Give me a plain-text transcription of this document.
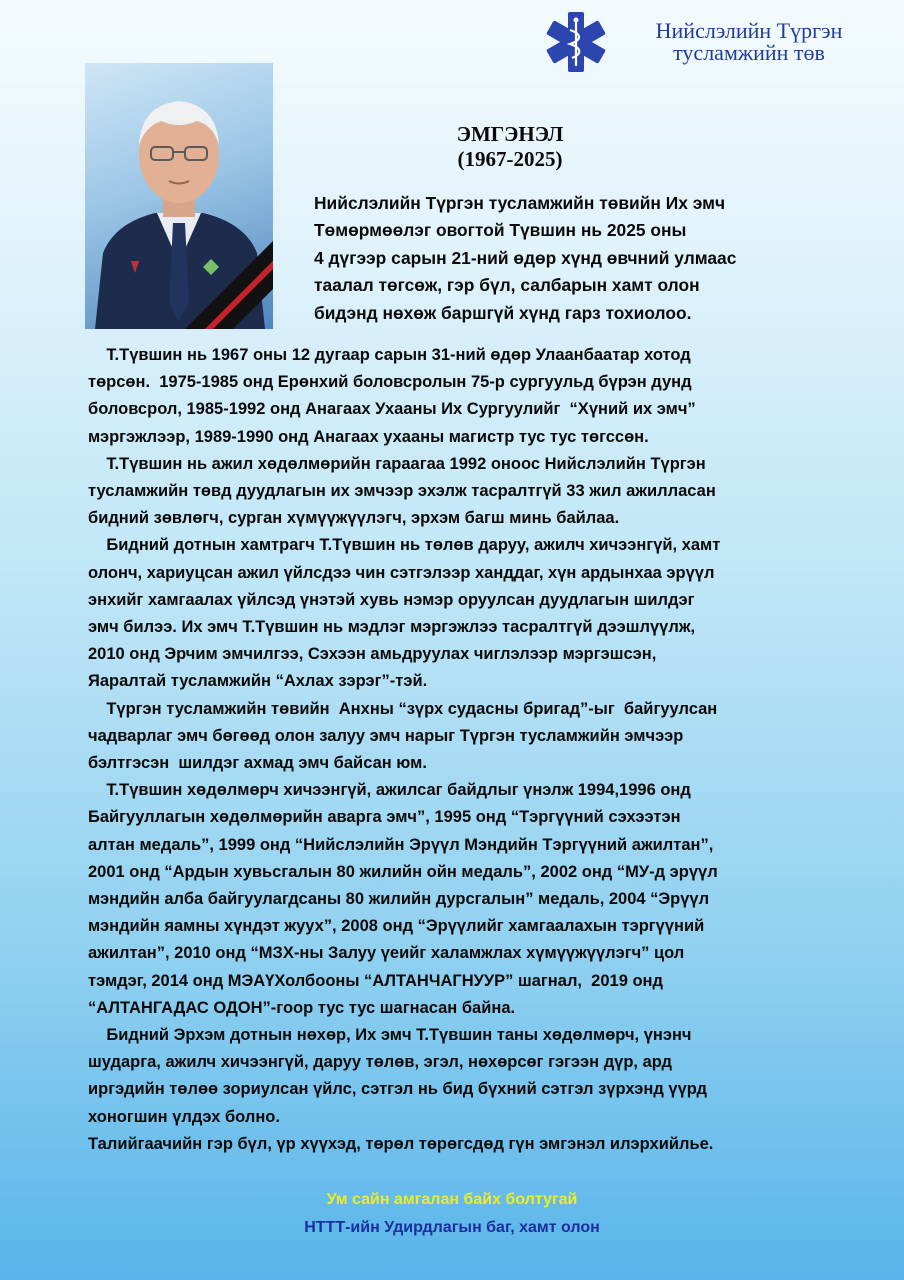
Нийслэлийн Түргэн
тусламжийн төв
ЭМГЭНЭЛ
(1967-2025)
Нийслэлийн Түргэн тусламжийн төвийн Их эмч
Төмөрмөөлэг овогтой Түвшин нь 2025 оны
4 дүгээр сарын 21-ний өдөр хүнд өвчний улмаас
таалал төгсөж, гэр бүл, салбарын хамт олон
бидэнд нөхөж баршгүй хүнд гарз тохиолоо.
Т.Түвшин нь 1967 оны 12 дугаар сарын 31-ний өдөр Улаанбаатар хотод
төрсөн.  1975-1985 онд Ерөнхий боловсролын 75-р сургуульд бүрэн дунд
боловсрол, 1985-1992 онд Анагаах Ухааны Их Сургуулийг  “Хүний их эмч”
мэргэжлээр, 1989-1990 онд Анагаах ухааны магистр тус тус төгссөн.
Т.Түвшин нь ажил хөдөлмөрийн гараагаа 1992 оноос Нийслэлийн Түргэн
тусламжийн төвд дуудлагын их эмчээр эхэлж тасралтгүй 33 жил ажилласан
бидний зөвлөгч, сурган хүмүүжүүлэгч, эрхэм багш минь байлаа.
Бидний дотнын хамтрагч Т.Түвшин нь төлөв даруу, ажилч хичээнгүй, хамт
олонч, хариуцсан ажил үйлсдээ чин сэтгэлээр ханддаг, хүн ардынхаа эрүүл
энхийг хамгаалах үйлсэд үнэтэй хувь нэмэр оруулсан дуудлагын шилдэг
эмч билээ. Их эмч Т.Түвшин нь мэдлэг мэргэжлээ тасралтгүй дээшлүүлж,
2010 онд Эрчим эмчилгээ, Сэхээн амьдруулах чиглэлээр мэргэшсэн,
Яаралтай тусламжийн “Ахлах зэрэг”-тэй.
Түргэн тусламжийн төвийн  Анхны “зүрх судасны бригад”-ыг  байгуулсан
чадварлаг эмч бөгөөд олон залуу эмч нарыг Түргэн тусламжийн эмчээр
бэлтгэсэн  шилдэг ахмад эмч байсан юм.
Т.Түвшин хөдөлмөрч хичээнгүй, ажилсаг байдлыг үнэлж 1994,1996 онд
Байгууллагын хөдөлмөрийн аварга эмч”, 1995 онд “Тэргүүний сэхээтэн
алтан медаль”, 1999 онд “Нийслэлийн Эрүүл Мэндийн Тэргүүний ажилтан”,
2001 онд “Ардын хувьсгалын 80 жилийн ойн медаль”, 2002 онд “МУ-д эрүүл
мэндийн алба байгуулагдсаны 80 жилийн дурсгалын” медаль, 2004 “Эрүүл
мэндийн яамны хүндэт жуух”, 2008 онд “Эрүүлийг хамгаалахын тэргүүний
ажилтан”, 2010 онд “МЗХ-ны Залуу үеийг халамжлах хүмүүжүүлэгч” цол
тэмдэг, 2014 онд МЭАҮХолбооны “АЛТАНЧАГНУУР” шагнал,  2019 онд
“АЛТАНГАДАС ОДОН”-гоор тус тус шагнасан байна.
Бидний Эрхэм дотнын нөхөр, Их эмч Т.Түвшин таны хөдөлмөрч, үнэнч
шударга, ажилч хичээнгүй, даруу төлөв, эгэл, нөхөрсөг гэгээн дүр, ард
иргэдийн төлөө зориулсан үйлс, сэтгэл нь бид бүхний сэтгэл зүрхэнд үүрд
хоногшин үлдэх болно.
Талийгаачийн гэр бүл, үр хүүхэд, төрөл төрөгсдөд гүн эмгэнэл илэрхийлье.
Ум сайн амгалан байх болтугай
НТТТ-ийн Удирдлагын баг, хамт олон
